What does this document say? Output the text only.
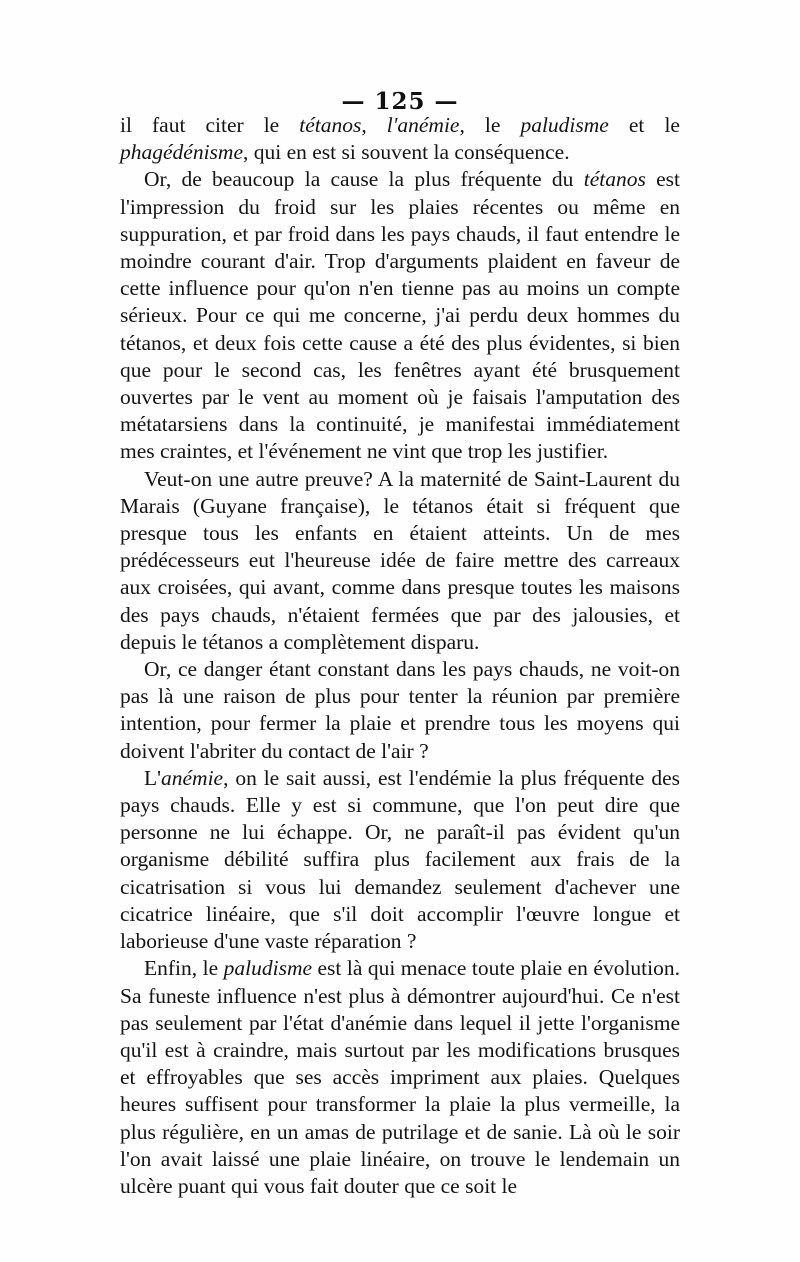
— 125 —

il faut citer le tétanos, l'anémie, le paludisme et le phagédénisme, qui en est si souvent la conséquence.

Or, de beaucoup la cause la plus fréquente du tétanos est l'impression du froid sur les plaies récentes ou même en suppuration, et par froid dans les pays chauds, il faut entendre le moindre courant d'air. Trop d'arguments plaident en faveur de cette influence pour qu'on n'en tienne pas au moins un compte sérieux. Pour ce qui me concerne, j'ai perdu deux hommes du tétanos, et deux fois cette cause a été des plus évidentes, si bien que pour le second cas, les fenêtres ayant été brusquement ouvertes par le vent au moment où je faisais l'amputation des métatarsiens dans la continuité, je manifestai immédiatement mes craintes, et l'événement ne vint que trop les justifier.

Veut-on une autre preuve? A la maternité de Saint-Laurent du Marais (Guyane française), le tétanos était si fréquent que presque tous les enfants en étaient atteints. Un de mes prédécesseurs eut l'heureuse idée de faire mettre des carreaux aux croisées, qui avant, comme dans presque toutes les maisons des pays chauds, n'étaient fermées que par des jalousies, et depuis le tétanos a complètement disparu.

Or, ce danger étant constant dans les pays chauds, ne voit-on pas là une raison de plus pour tenter la réunion par première intention, pour fermer la plaie et prendre tous les moyens qui doivent l'abriter du contact de l'air ?

L'anémie, on le sait aussi, est l'endémie la plus fréquente des pays chauds. Elle y est si commune, que l'on peut dire que personne ne lui échappe. Or, ne paraît-il pas évident qu'un organisme débilité suffira plus facilement aux frais de la cicatrisation si vous lui demandez seulement d'achever une cicatrice linéaire, que s'il doit accomplir l'œuvre longue et laborieuse d'une vaste réparation ?

Enfin, le paludisme est là qui menace toute plaie en évolution. Sa funeste influence n'est plus à démontrer aujourd'hui. Ce n'est pas seulement par l'état d'anémie dans lequel il jette l'organisme qu'il est à craindre, mais surtout par les modifications brusques et effroyables que ses accès impriment aux plaies. Quelques heures suffisent pour transformer la plaie la plus vermeille, la plus régulière, en un amas de putrilage et de sanie. Là où le soir l'on avait laissé une plaie linéaire, on trouve le lendemain un ulcère puant qui vous fait douter que ce soit le
